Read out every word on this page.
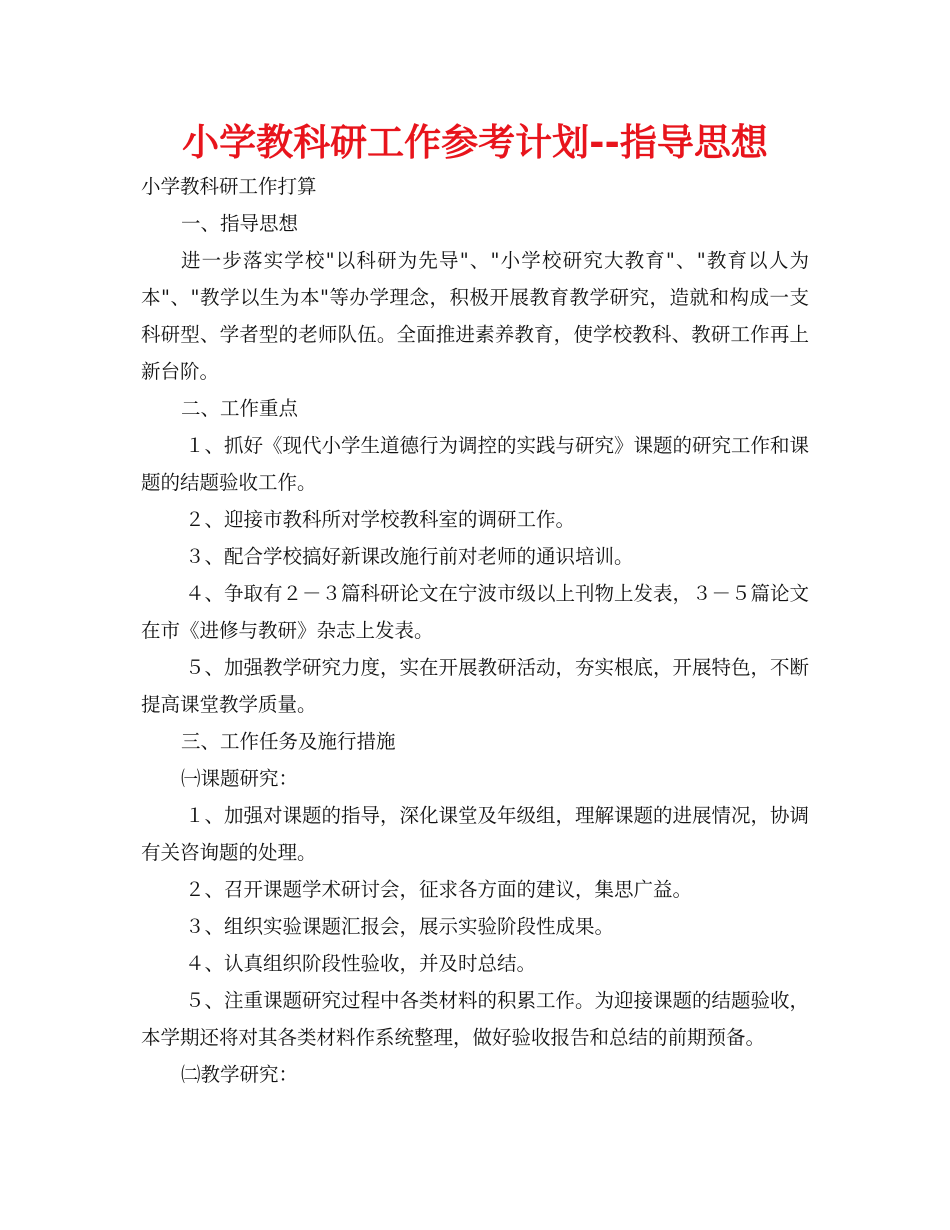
小学教科研工作参考计划--指导思想

小学教科研工作打算

一、指导思想

进一步落实学校"以科研为先导"、"小学校研究大教育"、"教育以人为本"、"教学以生为本"等办学理念，积极开展教育教学研究，造就和构成一支科研型、学者型的老师队伍。全面推进素养教育，使学校教科、教研工作再上新台阶。

二、工作重点

１、抓好《现代小学生道德行为调控的实践与研究》课题的研究工作和课题的结题验收工作。

２、迎接市教科所对学校教科室的调研工作。

３、配合学校搞好新课改施行前对老师的通识培训。

４、争取有２－３篇科研论文在宁波市级以上刊物上发表，３－５篇论文在市《进修与教研》杂志上发表。

５、加强教学研究力度，实在开展教研活动，夯实根底，开展特色，不断提高课堂教学质量。

三、工作任务及施行措施

㈠课题研究：

１、加强对课题的指导，深化课堂及年级组，理解课题的进展情况，协调有关咨询题的处理。

２、召开课题学术研讨会，征求各方面的建议，集思广益。

３、组织实验课题汇报会，展示实验阶段性成果。

４、认真组织阶段性验收，并及时总结。

５、注重课题研究过程中各类材料的积累工作。为迎接课题的结题验收，本学期还将对其各类材料作系统整理，做好验收报告和总结的前期预备。

㈡教学研究：
